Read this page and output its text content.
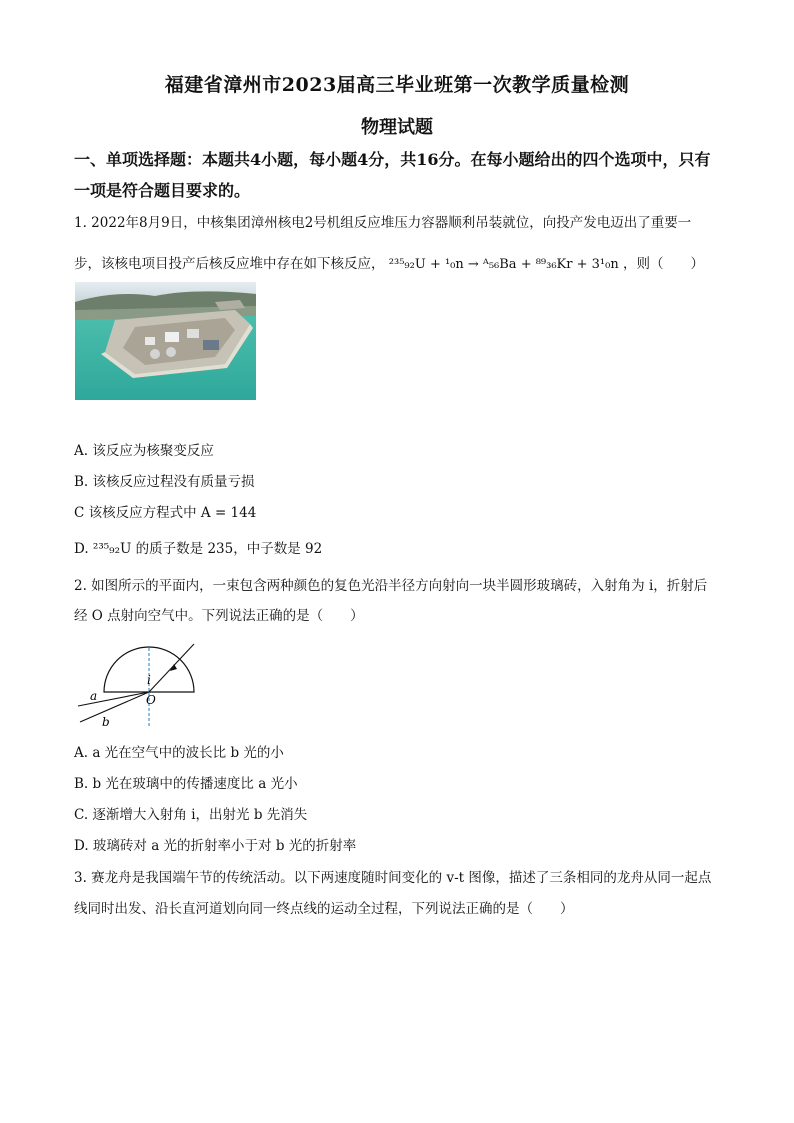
福建省漳州市2023届高三毕业班第一次教学质量检测
物理试题
一、单项选择题：本题共4小题，每小题4分，共16分。在每小题给出的四个选项中，只有
一项是符合题目要求的。
1. 2022年8月9日，中核集团漳州核电2号机组反应堆压力容器顺利吊装就位，向投产发电迈出了重要一
步，该核电项目投产后核反应堆中存在如下核反应， ²³⁵₉₂U + ¹₀n → ᴬ₅₆Ba + ⁸⁹₃₆Kr + 3¹₀n ，则（　　）
A. 该反应为核聚变反应
B. 该核反应过程没有质量亏损
C 该核反应方程式中 A = 144
D. ²³⁵₉₂U 的质子数是 235，中子数是 92
2. 如图所示的平面内，一束包含两种颜色的复色光沿半径方向射向一块半圆形玻璃砖，入射角为 i，折射后
经 O 点射向空气中。下列说法正确的是（　　）
a
b
i
O
A. a 光在空气中的波长比 b 光的小
B. b 光在玻璃中的传播速度比 a 光小
C. 逐渐增大入射角 i，出射光 b 先消失
D. 玻璃砖对 a 光的折射率小于对 b 光的折射率
3. 赛龙舟是我国端午节的传统活动。以下两速度随时间变化的 v-t 图像，描述了三条相同的龙舟从同一起点
线同时出发、沿长直河道划向同一终点线的运动全过程，下列说法正确的是（　　）
